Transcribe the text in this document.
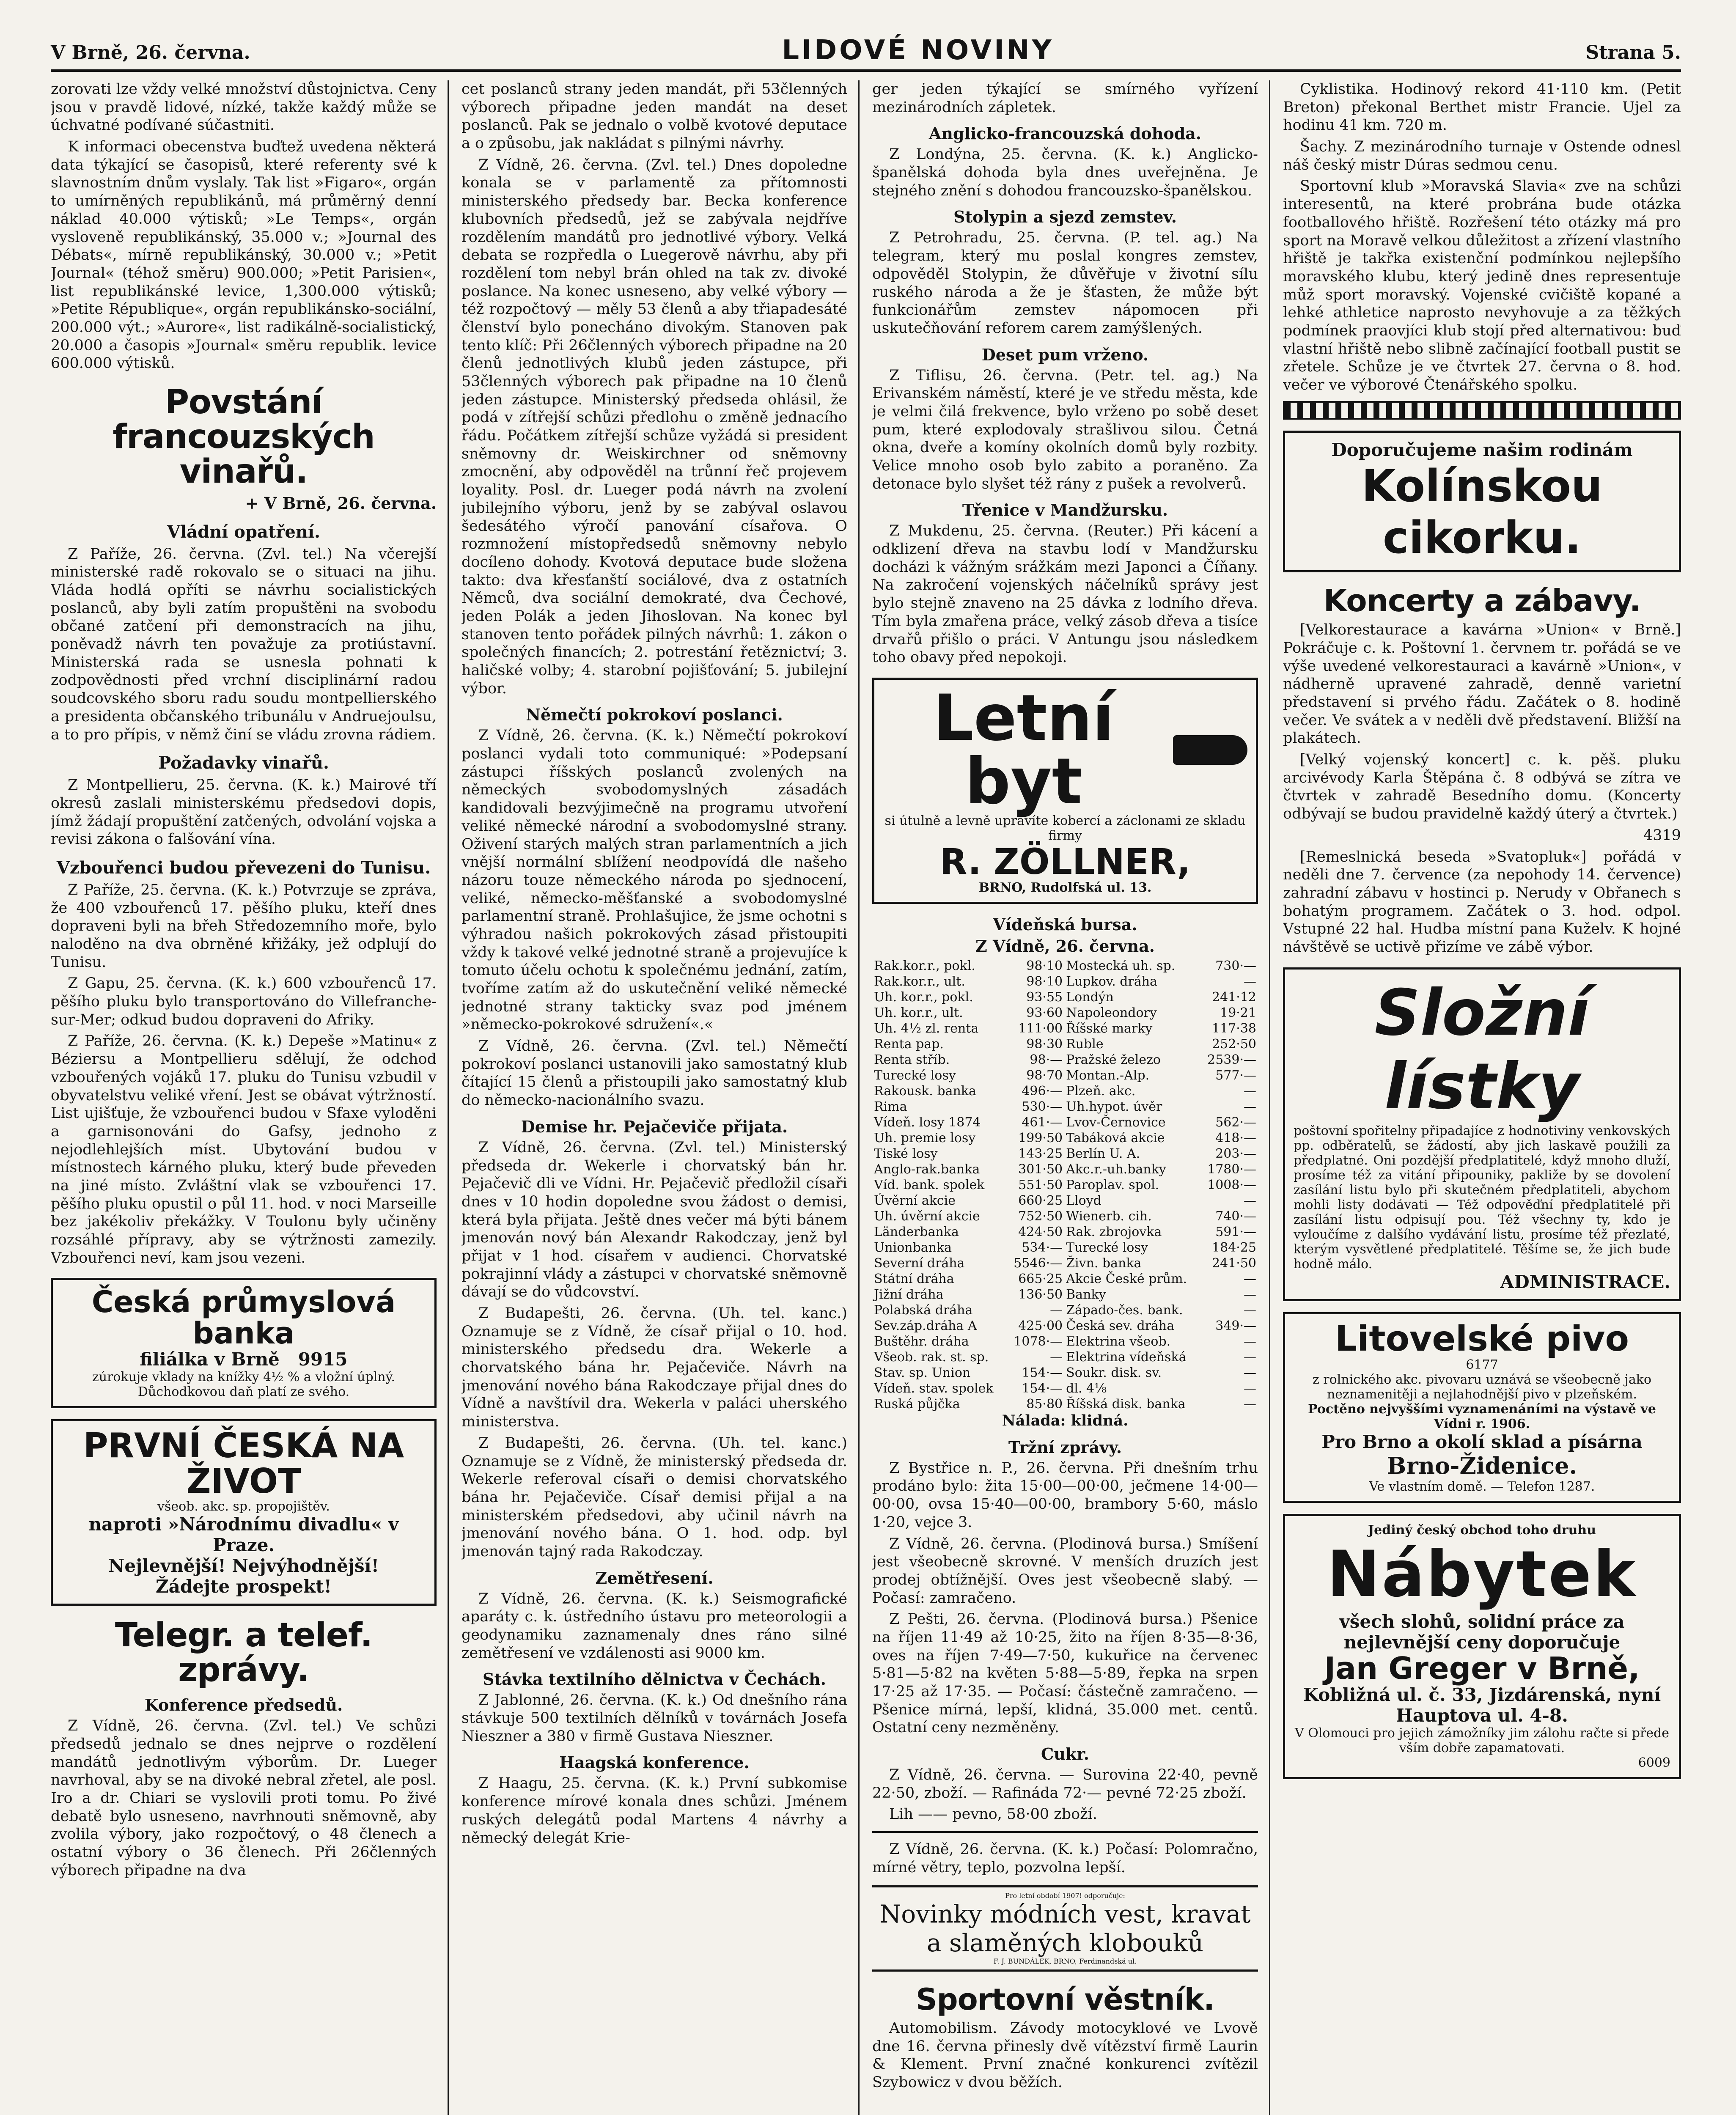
V Brně, 26. června.	LIDOVÉ NOVINY	Strana 5.

zorovati lze vždy velké množství důstojnictva. Ceny jsou v pravdě lidové, nízké, takže každý může se úchvatné podívané súčastniti.

K informaci obecenstva buďtež uvedena některá data týkající se časopisů, které referenty své k slavnostním dnům vyslaly. Tak list »Figaro«, orgán to umírněných republikánů, má průměrný denní náklad 40.000 výtisků; »Le Temps«, orgán vysloveně republikánský, 35.000 v.; »Journal des Débats«, mírně republikánský, 30.000 v.; »Petit Journal« (téhož směru) 900.000; »Petit Parisien«, list republikánské levice, 1,300.000 výtisků; »Petite République«, orgán republikánsko-sociální, 200.000 výt.; »Aurore«, list radikálně-socialistický, 20.000 a časopis »Journal« směru republik. levice 600.000 výtisků.

Povstání francouzských vinařů.
+ V Brně, 26. června.
Vládní opatření.

Z Paříže, 26. června. (Zvl. tel.) Na včerejší ministerské radě rokovalo se o situaci na jihu. Vláda hodlá opříti se návrhu socialistických poslanců, aby byli zatím propuštěni na svobodu občané zatčení při demonstracích na jihu, poněvadž návrh ten považuje za protiústavní. Ministerská rada se usnesla pohnati k zodpovědnosti před vrchní disciplinární radou soudcovského sboru radu soudu montpellierského a presidenta občanského tribunálu v Andruejoulsu, a to pro přípis, v němž činí se vládu zrovna rádiem.

Požadavky vinařů.

Z Montpellieru, 25. června. (K. k.) Mairové tří okresů zaslali ministerskému předsedovi dopis, jímž žádají propuštění zatčených, odvolání vojska a revisi zákona o falšování vína.

Vzbouřenci budou převezeni do Tunisu.

Z Paříže, 25. června. (K. k.) Potvrzuje se zpráva, že 400 vzbouřenců 17. pěšího pluku, kteří dnes dopraveni byli na břeh Středozemního moře, bylo naloděno na dva obrněné křižáky, jež odplují do Tunisu.

Z Gapu, 25. června. (K. k.) 600 vzbouřenců 17. pěšího pluku bylo transportováno do Villefranche-sur-Mer; odkud budou dopraveni do Afriky.

Z Paříže, 26. června. (K. k.) Depeše »Matinu« z Béziersu a Montpellieru sdělují, že odchod vzbouřených vojáků 17. pluku do Tunisu vzbudil v obyvatelstvu veliké vření. Jest se obávat výtržností. List ujišťuje, že vzbouřenci budou v Sfaxe vyloděni a garnisonováni do Gafsy, jednoho z nejodlehlejších míst. Ubytování budou v místnostech kárného pluku, který bude převeden na jiné místo. Zvláštní vlak se vzbouřenci 17. pěšího pluku opustil o půl 11. hod. v noci Marseille bez jakékoliv překážky. V Toulonu byly učiněny rozsáhlé přípravy, aby se výtržnosti zamezily. Vzbouřenci neví, kam jsou vezeni.

Česká průmyslová banka
filiálka v Brně 9915
zúrokuje vklady na knížky 4½ % a vložní úplný. Důchodkovou daň platí ze svého.
PRVNÍ ČESKÁ NA ŽIVOT
všeob. akc. sp. propojištěv.
naproti »Národnímu divadlu« v Praze.
Nejlevnější! Nejvýhodnější!
Žádejte prospekt!
Telegr. a telef. zprávy.
Konference předsedů.

Z Vídně, 26. června. (Zvl. tel.) Ve schůzi předsedů jednalo se dnes nejprve o rozdělení mandátů jednotlivým výborům. Dr. Lueger navrhoval, aby se na divoké nebral zřetel, ale posl. Iro a dr. Chiari se vyslovili proti tomu. Po živé debatě bylo usneseno, navrhnouti sněmovně, aby zvolila výbory, jako rozpočtový, o 48 členech a ostatní výbory o 36 členech. Při 26členných výborech připadne na dva

cet poslanců strany jeden mandát, při 53členných výborech připadne jeden mandát na deset poslanců. Pak se jednalo o volbě kvotové deputace a o způsobu, jak nakládat s pilnými návrhy.

Z Vídně, 26. června. (Zvl. tel.) Dnes dopoledne konala se v parlamentě za přítomnosti ministerského předsedy bar. Becka konference klubovních předsedů, jež se zabývala nejdříve rozdělením mandátů pro jednotlivé výbory. Velká debata se rozpředla o Luegerově návrhu, aby při rozdělení tom nebyl brán ohled na tak zv. divoké poslance. Na konec usneseno, aby velké výbory — též rozpočtový — měly 53 členů a aby třiapadesáté členství bylo ponecháno divokým. Stanoven pak tento klíč: Při 26členných výborech připadne na 20 členů jednotlivých klubů jeden zástupce, při 53členných výborech pak připadne na 10 členů jeden zástupce. Ministerský předseda ohlásil, že podá v zítřejší schůzi předlohu o změně jednacího řádu. Počátkem zítřejší schůze vyžádá si president sněmovny dr. Weiskirchner od sněmovny zmocnění, aby odpověděl na trůnní řeč projevem loyality. Posl. dr. Lueger podá návrh na zvolení jubilejního výboru, jenž by se zabýval oslavou šedesátého výročí panování císařova. O rozmnožení místopředsedů sněmovny nebylo docíleno dohody. Kvotová deputace bude složena takto: dva křesťanští sociálové, dva z ostatních Němců, dva sociální demokraté, dva Čechové, jeden Polák a jeden Jihoslovan. Na konec byl stanoven tento pořádek pilných návrhů: 1. zákon o společných financích; 2. potrestání řetěznictví; 3. haličské volby; 4. starobní pojišťování; 5. jubilejní výbor.

Němečtí pokrokoví poslanci.

Z Vídně, 26. června. (K. k.) Němečtí pokrokoví poslanci vydali toto communiqué: »Podepsaní zástupci říšských poslanců zvolených na německých svobodomyslných zásadách kandidovali bezvýjimečně na programu utvoření veliké německé národní a svobodomyslné strany. Oživení starých malých stran parlamentních a jich vnější normální sblížení neodpovídá dle našeho názoru touze německého národa po sjednocení, veliké, německo-měšťanské a svobodomyslné parlamentní straně. Prohlašujice, že jsme ochotni s výhradou našich pokrokových zásad přistoupiti vždy k takové velké jednotné straně a projevujíce k tomuto účelu ochotu k společnému jednání, zatím, tvoříme zatím až do uskutečnění veliké německé jednotné strany takticky svaz pod jménem »německo-pokrokové sdružení«.«

Z Vídně, 26. června. (Zvl. tel.) Němečtí pokrokoví poslanci ustanovili jako samostatný klub čítající 15 členů a přistoupili jako samostatný klub do německo-nacionálního svazu.

Demise hr. Pejačeviče přijata.

Z Vídně, 26. června. (Zvl. tel.) Ministerský předseda dr. Wekerle i chorvatský bán hr. Pejačevič dli ve Vídni. Hr. Pejačevič předložil císaři dnes v 10 hodin dopoledne svou žádost o demisi, která byla přijata. Ještě dnes večer má býti bánem jmenován nový bán Alexandr Rakodczay, jenž byl přijat v 1 hod. císařem v audienci. Chorvatské pokrajinní vlády a zástupci v chorvatské sněmovně dávají se do vůdcovství.

Z Budapešti, 26. června. (Uh. tel. kanc.) Oznamuje se z Vídně, že císař přijal o 10. hod. ministerského předsedu dra. Wekerle a chorvatského bána hr. Pejačeviče. Návrh na jmenování nového bána Rakodczaye přijal dnes do Vídně a navštívil dra. Wekerla v paláci uherského ministerstva.

Z Budapešti, 26. června. (Uh. tel. kanc.) Oznamuje se z Vídně, že ministerský předseda dr. Wekerle referoval císaři o demisi chorvatského bána hr. Pejačeviče. Císař demisi přijal a na ministerském předsedovi, aby učinil návrh na jmenování nového bána. O 1. hod. odp. byl jmenován tajný rada Rakodczay.

Zemětřesení.

Z Vídně, 26. června. (K. k.) Seismografické aparáty c. k. ústředního ústavu pro meteorologii a geodynamiku zaznamenaly dnes ráno silné zemětřesení ve vzdálenosti asi 9000 km.

Stávka textilního dělnictva v Čechách.

Z Jablonné, 26. června. (K. k.) Od dnešního rána stávkuje 500 textilních dělníků v továrnách Josefa Nieszner a 380 v firmě Gustava Nieszner.

Haagská konference.

Z Haagu, 25. června. (K. k.) První subkomise konference mírové konala dnes schůzi. Jménem ruských delegátů podal Martens 4 návrhy a německý delegát Krie-

ger jeden týkající se smírného vyřízení mezinárodních zápletek.

Anglicko-francouzská dohoda.

Z Londýna, 25. června. (K. k.) Anglicko-španělská dohoda byla dnes uveřejněna. Je stejného znění s dohodou francouzsko-španělskou.

Stolypin a sjezd zemstev.

Z Petrohradu, 25. června. (P. tel. ag.) Na telegram, který mu poslal kongres zemstev, odpověděl Stolypin, že důvěřuje v životní sílu ruského národa a že je šťasten, že může být funkcionářům zemstev nápomocen při uskutečňování reforem carem zamýšlených.

Deset pum vrženo.

Z Tiflisu, 26. června. (Petr. tel. ag.) Na Erivanském náměstí, které je ve středu města, kde je velmi čilá frekvence, bylo vrženo po sobě deset pum, které explodovaly strašlivou silou. Četná okna, dveře a komíny okolních domů byly rozbity. Velice mnoho osob bylo zabito a poraněno. Za detonace bylo slyšet též rány z pušek a revolverů.

Třenice v Mandžursku.

Z Mukdenu, 25. června. (Reuter.) Při kácení a odklizení dřeva na stavbu lodí v Mandžursku docházi k vážným srážkám mezi Japonci a Číňany. Na zakročení vojenských náčelníků správy jest bylo stejně znaveno na 25 dávka z lodního dřeva. Tím byla zmařena práce, velký zásob dřeva a tisíce drvařů přišlo o práci. V Antungu jsou následkem toho obavy před nepokoji.

Letní byt
si útulně a levně upravíte kobercí a záclonami ze skladu firmy
R. ZÖLLNER,
BRNO, Rudolfská ul. 13.
Vídeňská bursa.
Z Vídně, 26. června.
Rak.kor.r., pokl.	98·10	Mostecká uh. sp.	730·—
Rak.kor.r., ult.	98·10	Lupkov. dráha	—
Uh. kor.r., pokl.	93·55	Londýn	241·12
Uh. kor.r., ult.	93·60	Napoleondory	19·21
Uh. 4½ zl. renta	111·00	Říšské marky	117·38
Renta pap.	98·30	Ruble	252·50
Renta stříb.	98·—	Pražské železo	2539·—
Turecké losy	98·70	Montan.-Alp.	577·—
Rakousk. banka	496·—	Plzeň. akc.	—
Rima	530·—	Uh.hypot. úvěr	—
Vídeň. losy 1874	461·—	Lvov-Černovice	562·—
Uh. premie losy	199·50	Tabáková akcie	418·—
Tiské losy	143·25	Berlín U. A.	203·—
Anglo-rak.banka	301·50	Akc.r.-uh.banky	1780·—
Víd. bank. spolek	551·50	Paroplav. spol.	1008·—
Úvěrní akcie	660·25	Lloyd	—
Uh. úvěrní akcie	752·50	Wienerb. cih.	740·—
Länderbanka	424·50	Rak. zbrojovka	591·—
Unionbanka	534·—	Turecké losy	184·25
Severní dráha	5546·—	Živn. banka	241·50
Státní dráha	665·25	Akcie České prům.	—
Jižní dráha	136·50	Banky	—
Polabská dráha	—	Západo-čes. bank.	—
Sev.záp.dráha A	425·00	Česká sev. dráha	349·—
Buštěhr. dráha	1078·—	Elektrina všeob.	—
Všeob. rak. st. sp.	—	Elektrina vídeňská	—
Stav. sp. Union	154·—	Soukr. disk. sv.	—
Vídeň. stav. spolek	154·—	dl. 4⅛	—
Ruská půjčka	85·80	Říšská disk. banka	—

Nálada: klidná.

Tržní zprávy.

Z Bystřice n. P., 26. června. Při dnešním trhu prodáno bylo: žita 15·00—00·00, ječmene 14·00—00·00, ovsa 15·40—00·00, brambory 5·60, máslo 1·20, vejce 3.

Z Vídně, 26. června. (Plodinová bursa.) Smíšení jest všeobecně skrovné. V menších druzích jest prodej obtížnější. Oves jest všeobecně slabý. — Počasí: zamračeno.

Z Pešti, 26. června. (Plodinová bursa.) Pšenice na říjen 11·49 až 10·25, žito na říjen 8·35—8·36, oves na říjen 7·49—7·50, kukuřice na červenec 5·81—5·82 na květen 5·88—5·89, řepka na srpen 17·25 až 17·35. — Počasí: částečně zamračeno. — Pšenice mírná, lepší, klidná, 35.000 met. centů. Ostatní ceny nezměněny.

Cukr.

Z Vídně, 26. června. — Surovina 22·40, pevně 22·50, zboží. — Rafináda 72·— pevné 72·25 zboží.

Lih —— pevno, 58·00 zboží.

Z Vídně, 26. června. (K. k.) Počasí: Polomračno, mírné větry, teplo, pozvolna lepší.

Pro letní období 1907! odporučuje:
Novinky módních vest, kravat a slaměných klobouků
F. J. BUNDÁLEK, BRNO, Ferdinandská ul.
Sportovní věstník.

Automobilism. Závody motocyklové ve Lvově dne 16. června přinesly dvě vítězství firmě Laurin & Klement. První značné konkurenci zvítězil Szybowicz v dvou běžích.

Cyklistika. Hodinový rekord 41·110 km. (Petit Breton) překonal Berthet mistr Francie. Ujel za hodinu 41 km. 720 m.

Šachy. Z mezinárodního turnaje v Ostende odnesl náš český mistr Dúras sedmou cenu.

Sportovní klub »Moravská Slavia« zve na schůzi interesentů, na které probrána bude otázka footballového hřiště. Rozřešení této otázky má pro sport na Moravě velkou důležitost a zřízení vlastního hřiště je takřka existenční podmínkou nejlepšího moravského klubu, který jedině dnes representuje můž sport moravský. Vojenské cvičiště kopané a lehké athletice naprosto nevyhovuje a za těžkých podmínek praovjíci klub stojí před alternativou: buď vlastní hřiště nebo slibně začínající football pustit se zřetele. Schůze je ve čtvrtek 27. června o 8. hod. večer ve výborové Čtenářského spolku.

Doporučujeme našim rodinám
Kolínskou cikorku.
Koncerty a zábavy.

[Velkorestaurace a kavárna »Union« v Brně.] Pokráčuje c. k. Poštovní 1. červnem tr. pořádá se ve výše uvedené velkorestauraci a kavárně »Union«, v nádherně upravené zahradě, denně varietní představení si prvého řádu. Začátek o 8. hodině večer. Ve svátek a v neděli dvě představení. Bližší na plakátech.

[Velký vojenský koncert] c. k. pěš. pluku arcivévody Karla Štěpána č. 8 odbývá se zítra ve čtvrtek v zahradě Besedního domu. (Koncerty odbývají se budou pravidelně každý úterý a čtvrtek.)

4319

[Remeslnická beseda »Svatopluk«] pořádá v neděli dne 7. července (za nepohody 14. července) zahradní zábavu v hostinci p. Nerudy v Obřanech s bohatým programem. Začátek o 3. hod. odpol. Vstupné 22 hal. Hudba místní pana Kuželv. K hojné návštěvě se uctivě přizíme ve zábě výbor.

Složní lístky
poštovní spořitelny připadajíce z hodnotiviny venkovských pp. odběratelů, se žádostí, aby jich laskavě použili za předplatné. Oni pozdější předplatitelé, když mnoho dluží, prosíme též za vitání připouniky, pakliže by se dovolení zasílání listu bylo při skutečném předplatiteli, abychom mohli listy dodávati — Též odpověďní předplatitelé při zasílání listu odpisují pou. Též všechny ty, kdo je vyloučíme z dalšího vydávání listu, prosíme též přezlaté, kterým vysvětlené předplatitelé. Těšíme se, že jich bude hodně málo.
ADMINISTRACE.
Litovelské pivo
6177
z rolnického akc. pivovaru uznává se všeobecně jako neznamenitěji a nejlahodnější pivo v plzeňském.
Poctěno nejvyššími vyznamenáními na výstavě ve Vídni r. 1906.
Pro Brno a okolí sklad a písárna
Brno-Židenice.
Ve vlastním domě. — Telefon 1287.
Jediný český obchod toho druhu
Nábytek
všech slohů, solidní práce za nejlevnější ceny doporučuje
Jan Greger v Brně,
Kobližná ul. č. 33, Jizdárenská, nyní Hauptova ul. 4-8.
V Olomouci pro jejich zámožníky jim zálohu račte si přede vším dobře zapamatovati.
6009
